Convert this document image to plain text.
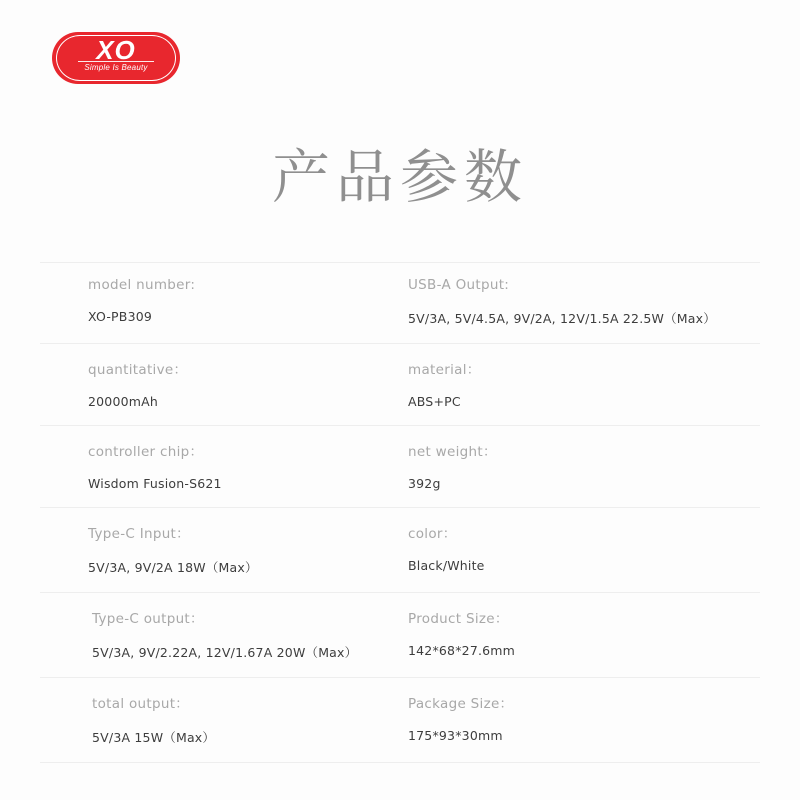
XO
Simple Is Beauty
产品参数
model number:
XO-PB309
USB-A Output:
5V/3A, 5V/4.5A, 9V/2A, 12V/1.5A 22.5W（Max）
quantitative：
20000mAh
material：
ABS+PC
controller chip：
Wisdom Fusion-S621
net weight：
392g
Type-C Input：
5V/3A, 9V/2A 18W（Max）
color：
Black/White
Type-C output：
5V/3A, 9V/2.22A, 12V/1.67A 20W（Max）
Product Size：
142*68*27.6mm
total output：
5V/3A 15W（Max）
Package Size：
175*93*30mm
